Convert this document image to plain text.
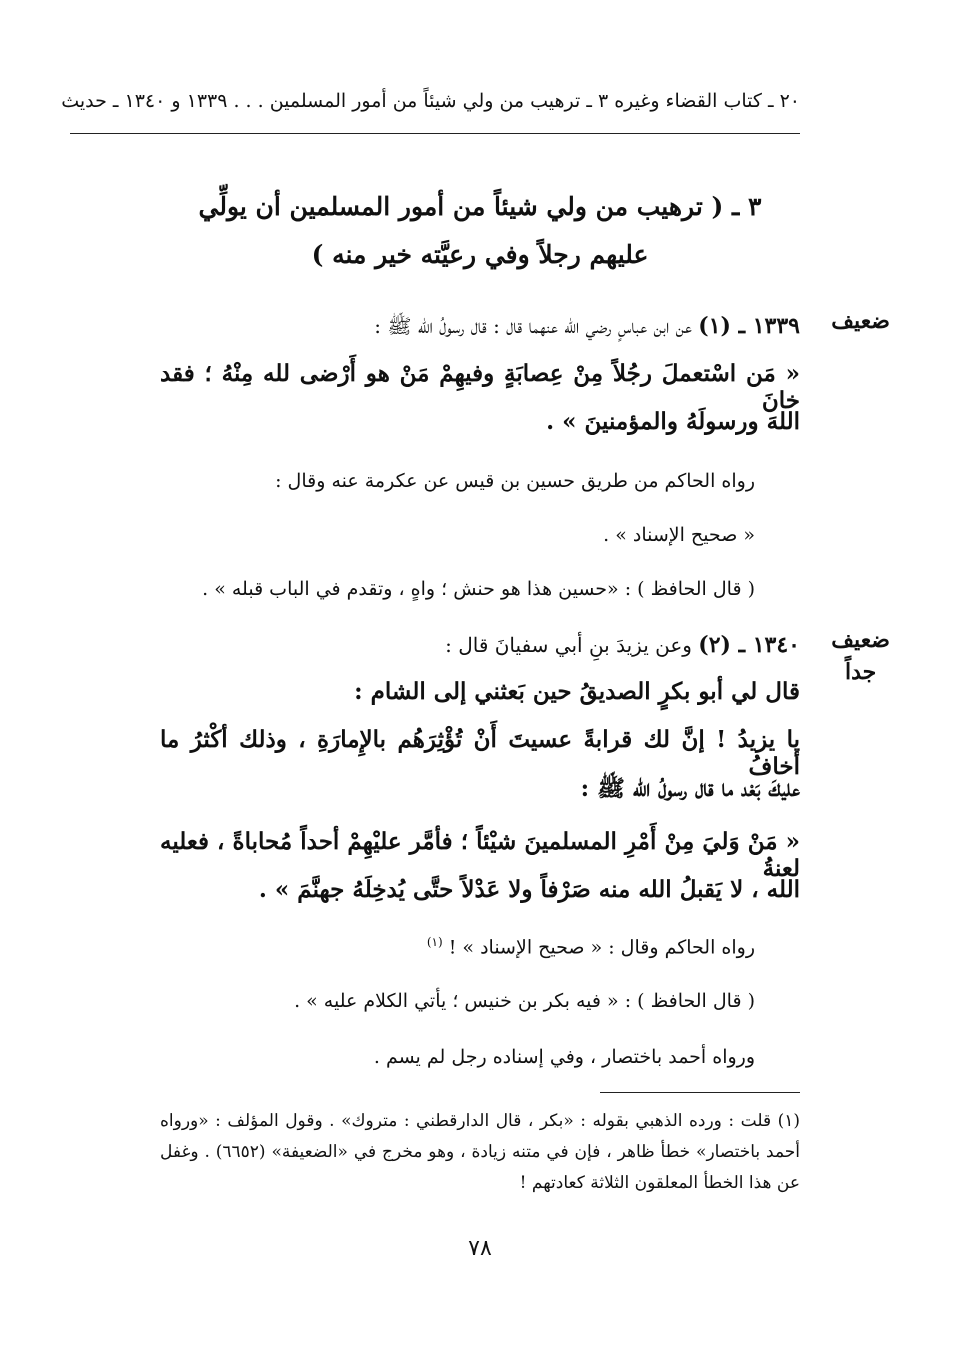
٢٠ ـ كتاب القضاء وغيره ٣ ـ ترهيب من ولي شيئاً من أمور المسلمين . . . ١٣٣٩ و ١٣٤٠ ـ حديث
٣ ـ ( ترهيب من ولي شيئاً من أمور المسلمين أن يولِّي
عليهم رجلاً وفي رعيَّته خير منه )
ضعيف
١٣٣٩ ـ (١) عن ابن عباسٍ رضي الله عنهما قال : قال رسولُ الله ﷺ :
« مَن اسْتعملَ رجُلاً مِنْ عِصابَةٍ وفيهِمْ مَنْ هو أَرْضى لله مِنْهُ ؛ فقد خانَ
اللهَ ورسولَهُ والمؤمنينَ » .
رواه الحاكم من طريق حسين بن قيس عن عكرمة عنه وقال :
« صحيح الإسناد » .
( قال الحافظ ) : «حسين هذا هو حنش ؛ واهٍ ، وتقدم في الباب قبله » .
ضعيف
جداً
١٣٤٠ ـ (٢) وعن يزيدَ بنِ أبي سفيانَ قال :
قال لي أبو بكرٍ الصديقُ حين بَعثني إلى الشام :
يا يزيدُ ! إنَّ لك قرابةً عسيتَ أَنْ تُؤْثِرَهُم بالإِمارَةِ ، وذلك أكْثرُ ما أخافُ
عليكَ بَعْد ما قال رسولُ الله ﷺ :
« مَنْ وَليَ مِنْ أَمْرِ المسلمينَ شيْئاً ؛ فأمَّر عليْهِمْ أحداً مُحاباةً ، فعليه لعنةُ
الله ، لا يَقبلُ الله منه صَرْفاً ولا عَدْلاً حتَّى يُدخِلَهُ جهنَّمَ » .
رواه الحاكم وقال : « صحيح الإسناد » ! $^{(١)}$
( قال الحافظ ) : « فيه بكر بن خنيس ؛ يأتي الكلام عليه » .
ورواه أحمد باختصار ، وفي إسناده رجل لم يسم .
(١) قلت : ورده الذهبي بقوله : «بكر ، قال الدارقطني : متروك» . وقول المؤلف : «ورواه أحمد باختصار» خطأ ظاهر ، فإن في متنه زيادة ، وهو مخرج في «الضعيفة» (٦٦٥٢) . وغفل عن هذا الخطأ المعلقون الثلاثة كعادتهم !
٧٨
